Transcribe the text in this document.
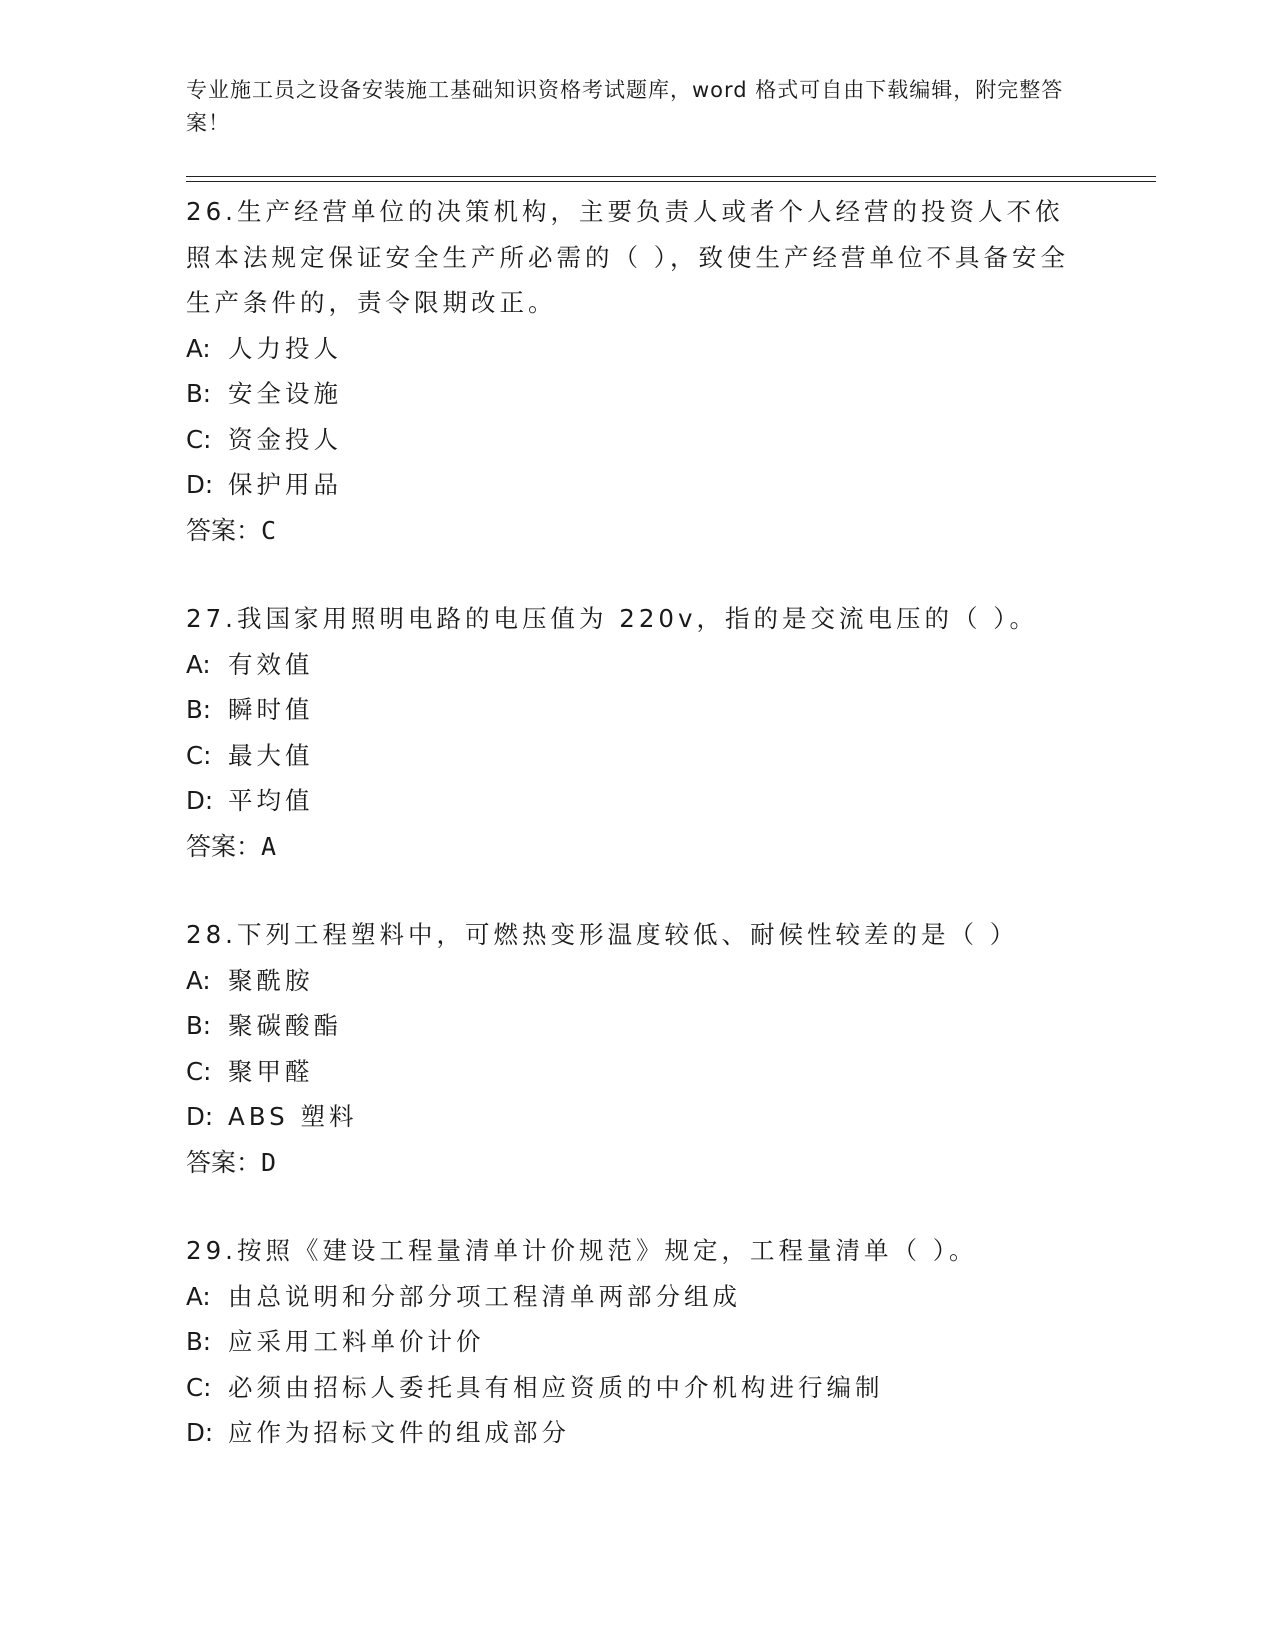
专业施工员之设备安装施工基础知识资格考试题库，word 格式可自由下载编辑，附完整答案！

26.生产经营单位的决策机构，主要负责人或者个人经营的投资人不依照本法规定保证安全生产所必需的（ ），致使生产经营单位不具备安全生产条件的，责令限期改正。

A: 人力投人
B: 安全设施
C: 资金投人
D: 保护用品
答案：C

27.我国家用照明电路的电压值为 220v，指的是交流电压的（ ）。

A: 有效值
B: 瞬时值
C: 最大值
D: 平均值
答案：A

28.下列工程塑料中，可燃热变形温度较低、耐候性较差的是（ ）

A: 聚酰胺
B: 聚碳酸酯
C: 聚甲醛
D: ABS 塑料
答案：D

29.按照《建设工程量清单计价规范》规定，工程量清单（ ）。

A: 由总说明和分部分项工程清单两部分组成
B: 应采用工料单价计价
C: 必须由招标人委托具有相应资质的中介机构进行编制
D: 应作为招标文件的组成部分
